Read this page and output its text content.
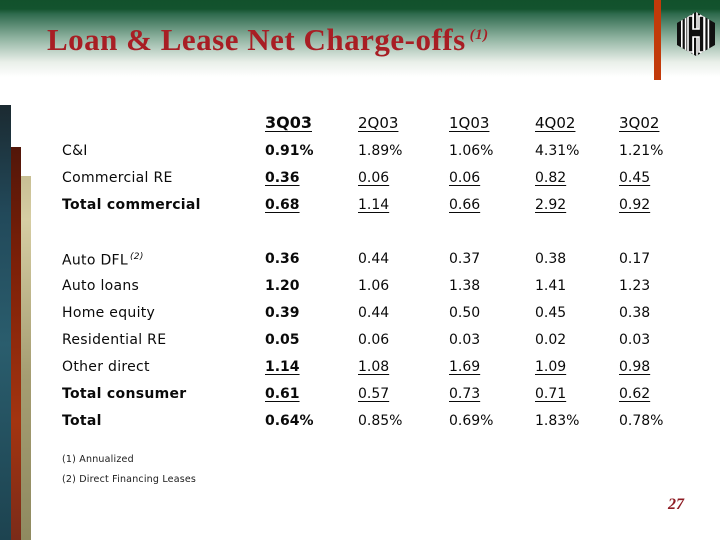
Loan & Lease Net Charge-offs $^{(1)}$
3Q03	2Q03	1Q03	4Q02	3Q02
C&I	0.91%	1.89%	1.06%	4.31%	1.21%
Commercial RE	0.36	0.06	0.06	0.82	0.45
Total commercial	0.68	1.14	0.66	2.92	0.92
Auto DFL $^{(2)}$	0.36	0.44	0.37	0.38	0.17
Auto loans	1.20	1.06	1.38	1.41	1.23
Home equity	0.39	0.44	0.50	0.45	0.38
Residential RE	0.05	0.06	0.03	0.02	0.03
Other direct	1.14	1.08	1.69	1.09	0.98
Total consumer	0.61	0.57	0.73	0.71	0.62
Total	0.64%	0.85%	0.69%	1.83%	0.78%
(1) Annualized
(2) Direct Financing Leases
27
